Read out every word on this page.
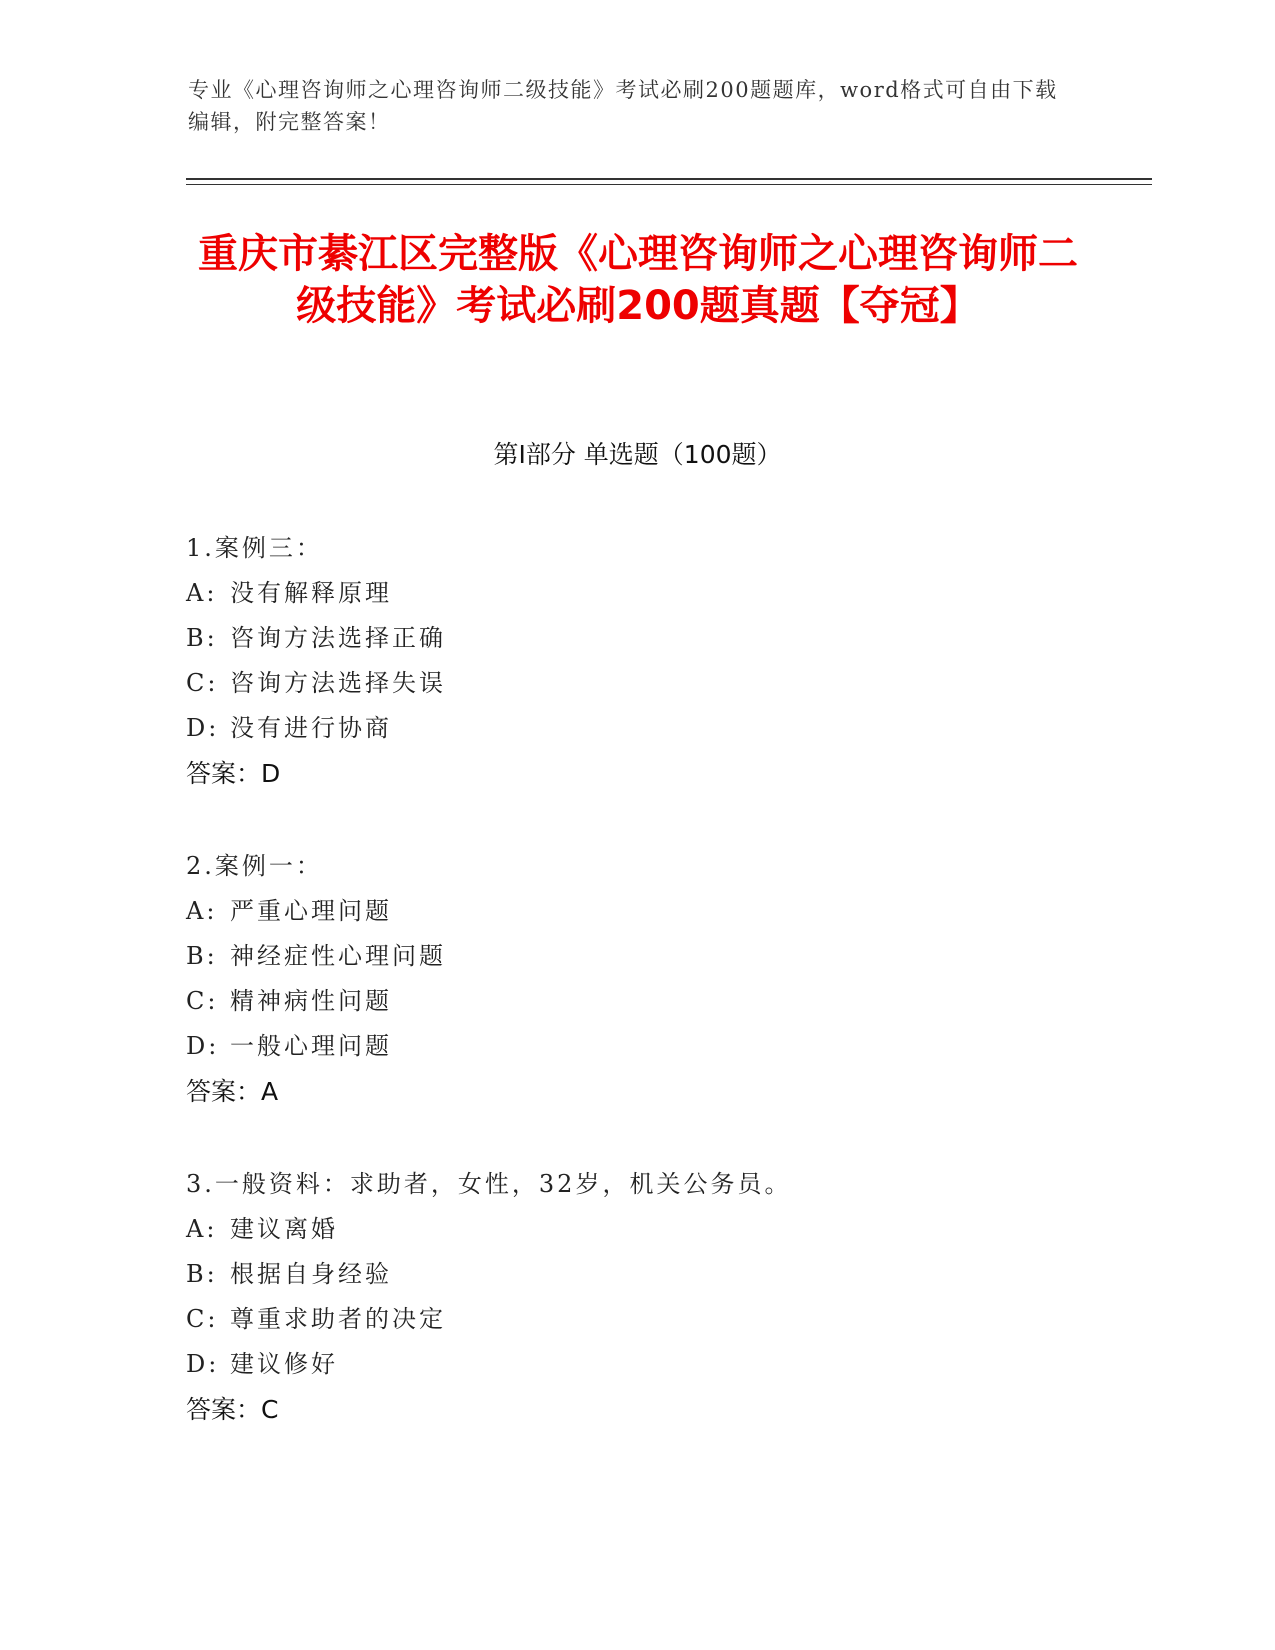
专业《心理咨询师之心理咨询师二级技能》考试必刷200题题库，word格式可自由下载编辑，附完整答案！
重庆市綦江区完整版《心理咨询师之心理咨询师二级技能》考试必刷200题真题【夺冠】
第I部分 单选题（100题）
1.案例三：
A: 没有解释原理
B: 咨询方法选择正确
C: 咨询方法选择失误
D: 没有进行协商
答案：D
2.案例一：
A: 严重心理问题
B: 神经症性心理问题
C: 精神病性问题
D: 一般心理问题
答案：A
3.一般资料：求助者，女性，32岁，机关公务员。
A: 建议离婚
B: 根据自身经验
C: 尊重求助者的决定
D: 建议修好
答案：C
